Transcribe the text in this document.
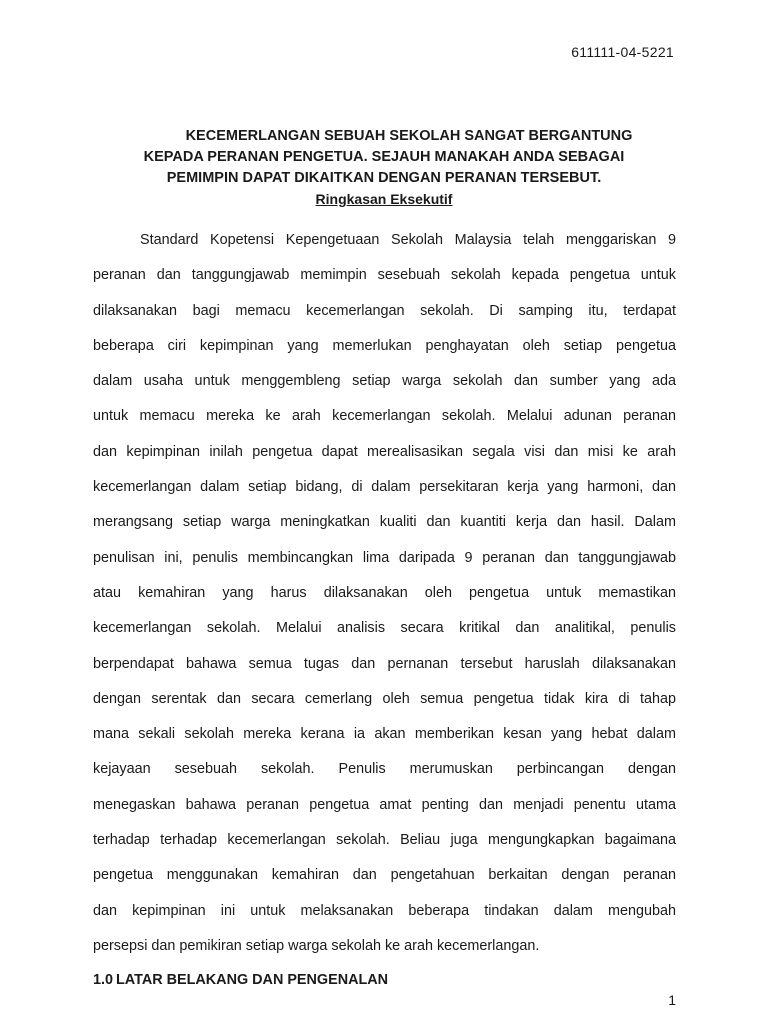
611111-04-5221
KECEMERLANGAN SEBUAH SEKOLAH SANGAT BERGANTUNG
KEPADA PERANAN PENGETUA. SEJAUH MANAKAH ANDA SEBAGAI
PEMIMPIN DAPAT DIKAITKAN DENGAN PERANAN TERSEBUT.
Ringkasan Eksekutif
Standard Kopetensi Kepengetuaan Sekolah Malaysia telah menggariskan 9
peranan dan tanggungjawab memimpin sesebuah sekolah kepada pengetua untuk
dilaksanakan bagi memacu kecemerlangan sekolah. Di samping itu, terdapat
beberapa ciri kepimpinan yang memerlukan penghayatan oleh setiap pengetua
dalam usaha untuk menggembleng setiap warga sekolah dan sumber yang ada
untuk memacu mereka ke arah kecemerlangan sekolah. Melalui adunan peranan
dan kepimpinan inilah pengetua dapat merealisasikan segala visi dan misi ke arah
kecemerlangan dalam setiap bidang, di dalam persekitaran kerja yang harmoni, dan
merangsang setiap warga meningkatkan kualiti dan kuantiti kerja dan hasil. Dalam
penulisan ini, penulis membincangkan lima daripada 9 peranan dan tanggungjawab
atau kemahiran yang harus dilaksanakan oleh pengetua untuk memastikan
kecemerlangan sekolah. Melalui analisis secara kritikal dan analitikal, penulis
berpendapat bahawa semua tugas dan pernanan tersebut haruslah dilaksanakan
dengan serentak dan secara cemerlang oleh semua pengetua tidak kira di tahap
mana sekali sekolah mereka kerana ia akan memberikan kesan yang hebat dalam
kejayaan sesebuah sekolah. Penulis merumuskan perbincangan dengan
menegaskan bahawa peranan pengetua amat penting dan menjadi penentu utama
terhadap terhadap kecemerlangan sekolah. Beliau juga mengungkapkan bagaimana
pengetua menggunakan kemahiran dan pengetahuan berkaitan dengan peranan
dan kepimpinan ini untuk melaksanakan beberapa tindakan dalam mengubah
persepsi dan pemikiran setiap warga sekolah ke arah kecemerlangan.
1.0 LATAR BELAKANG DAN PENGENALAN
1
